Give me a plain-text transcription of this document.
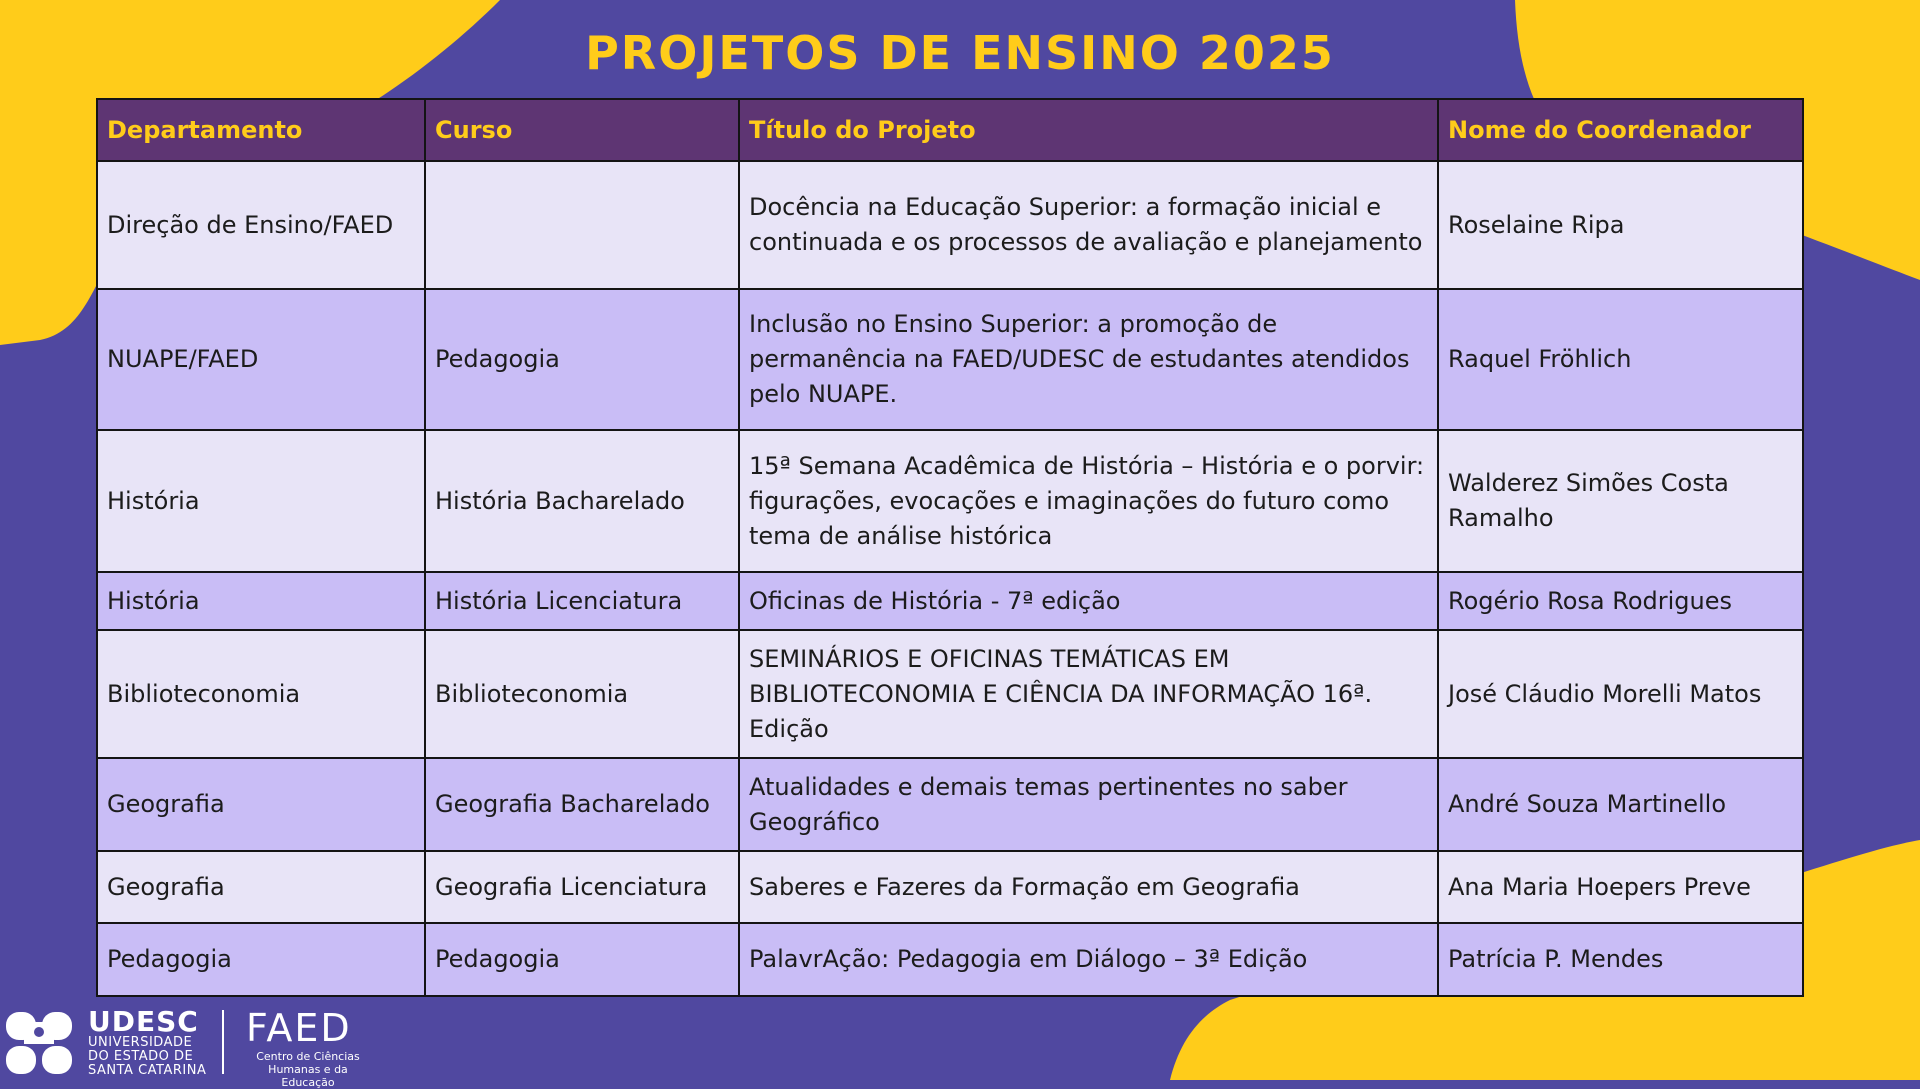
PROJETOS DE ENSINO 2025
Departamento	Curso	Título do Projeto	Nome do Coordenador
Direção de Ensino/FAED		Docência na Educação Superior: a formação inicial e continuada e os processos de avaliação e planejamento	Roselaine Ripa
NUAPE/FAED	Pedagogia	Inclusão no Ensino Superior: a promoção de permanência na FAED/UDESC de estudantes atendidos pelo NUAPE.	Raquel Fröhlich
História	História Bacharelado	15ª Semana Acadêmica de História – História e o porvir: figurações, evocações e imaginações do futuro como tema de análise histórica	Walderez Simões Costa Ramalho
História	História Licenciatura	Oficinas de História - 7ª edição	Rogério Rosa Rodrigues
Biblioteconomia	Biblioteconomia	SEMINÁRIOS E OFICINAS TEMÁTICAS EM BIBLIOTECONOMIA E CIÊNCIA DA INFORMAÇÃO 16ª. Edição	José Cláudio Morelli Matos
Geografia	Geografia Bacharelado	Atualidades e demais temas pertinentes no saber Geográfico	André Souza Martinello
Geografia	Geografia Licenciatura	Saberes e Fazeres da Formação em Geografia	Ana Maria Hoepers Preve
Pedagogia	Pedagogia	PalavrAção: Pedagogia em Diálogo – 3ª Edição	Patrícia P. Mendes
UDESC
UNIVERSIDADE
DO ESTADO DE
SANTA CATARINA
FAED
Centro de Ciências
Humanas e da Educação
